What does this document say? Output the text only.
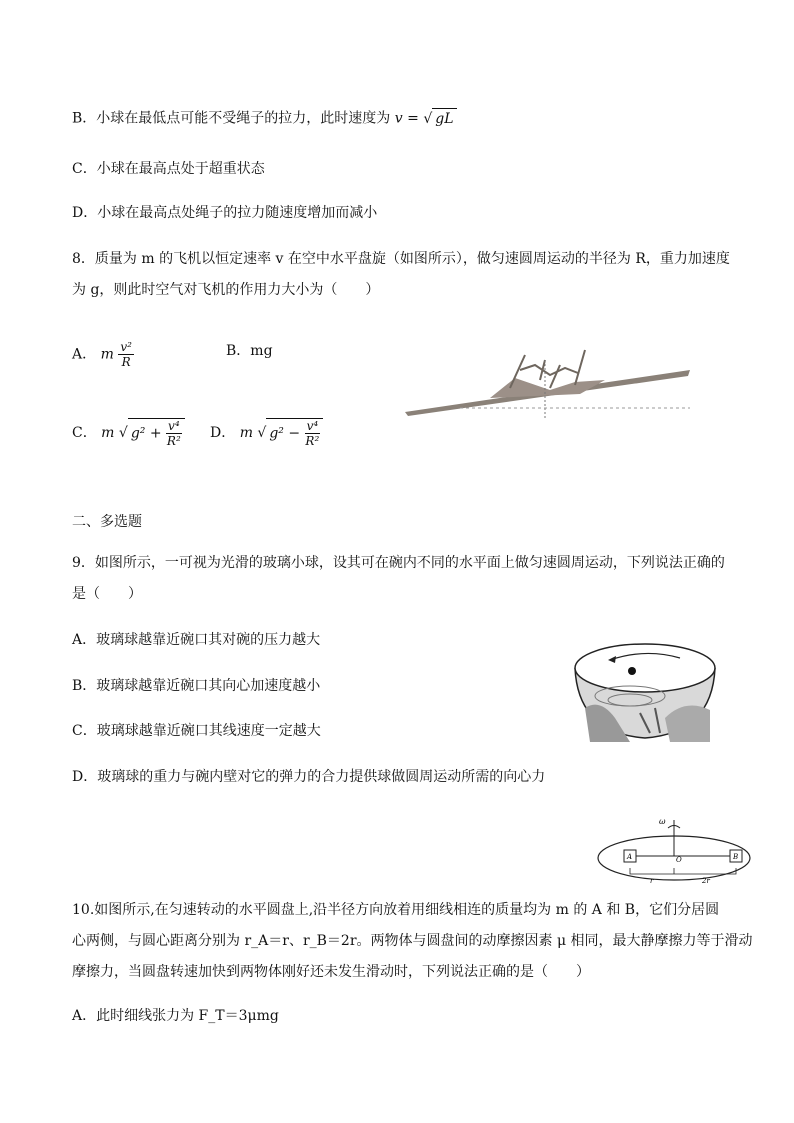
B．小球在最低点可能不受绳子的拉力，此时速度为 v = √ gL
C．小球在最高点处于超重状态
D．小球在最高点处绳子的拉力随速度增加而减小
8．质量为 m 的飞机以恒定速率 v 在空中水平盘旋（如图所示），做匀速圆周运动的半径为 R，重力加速度
为 g，则此时空气对飞机的作用力大小为（　　）
A． m $\frac{\text{v²}}{R}$	B．mg
C． m √ $g^2 + \frac{\text{v⁴}}{\text{R²}}$ D． m √ $g^2 - \frac{\text{v⁴}}{\text{R²}}$
二、多选题
9．如图所示，一可视为光滑的玻璃小球，设其可在碗内不同的水平面上做匀速圆周运动，下列说法正确的
是（　　）
A．玻璃球越靠近碗口其对碗的压力越大
B．玻璃球越靠近碗口其向心加速度越小
C．玻璃球越靠近碗口其线速度一定越大
D．玻璃球的重力与碗内壁对它的弹力的合力提供球做圆周运动所需的向心力
ω
A	B
O
r	2r
10.如图所示,在匀速转动的水平圆盘上,沿半径方向放着用细线相连的质量均为 m 的 A 和 B，它们分居圆
心两侧，与圆心距离分别为 r_A＝r、r_B＝2r。两物体与圆盘间的动摩擦因素 μ 相同，最大静摩擦力等于滑动
摩擦力，当圆盘转速加快到两物体刚好还未发生滑动时，下列说法正确的是（　　）
A．此时细线张力为 F_T＝3μmg
